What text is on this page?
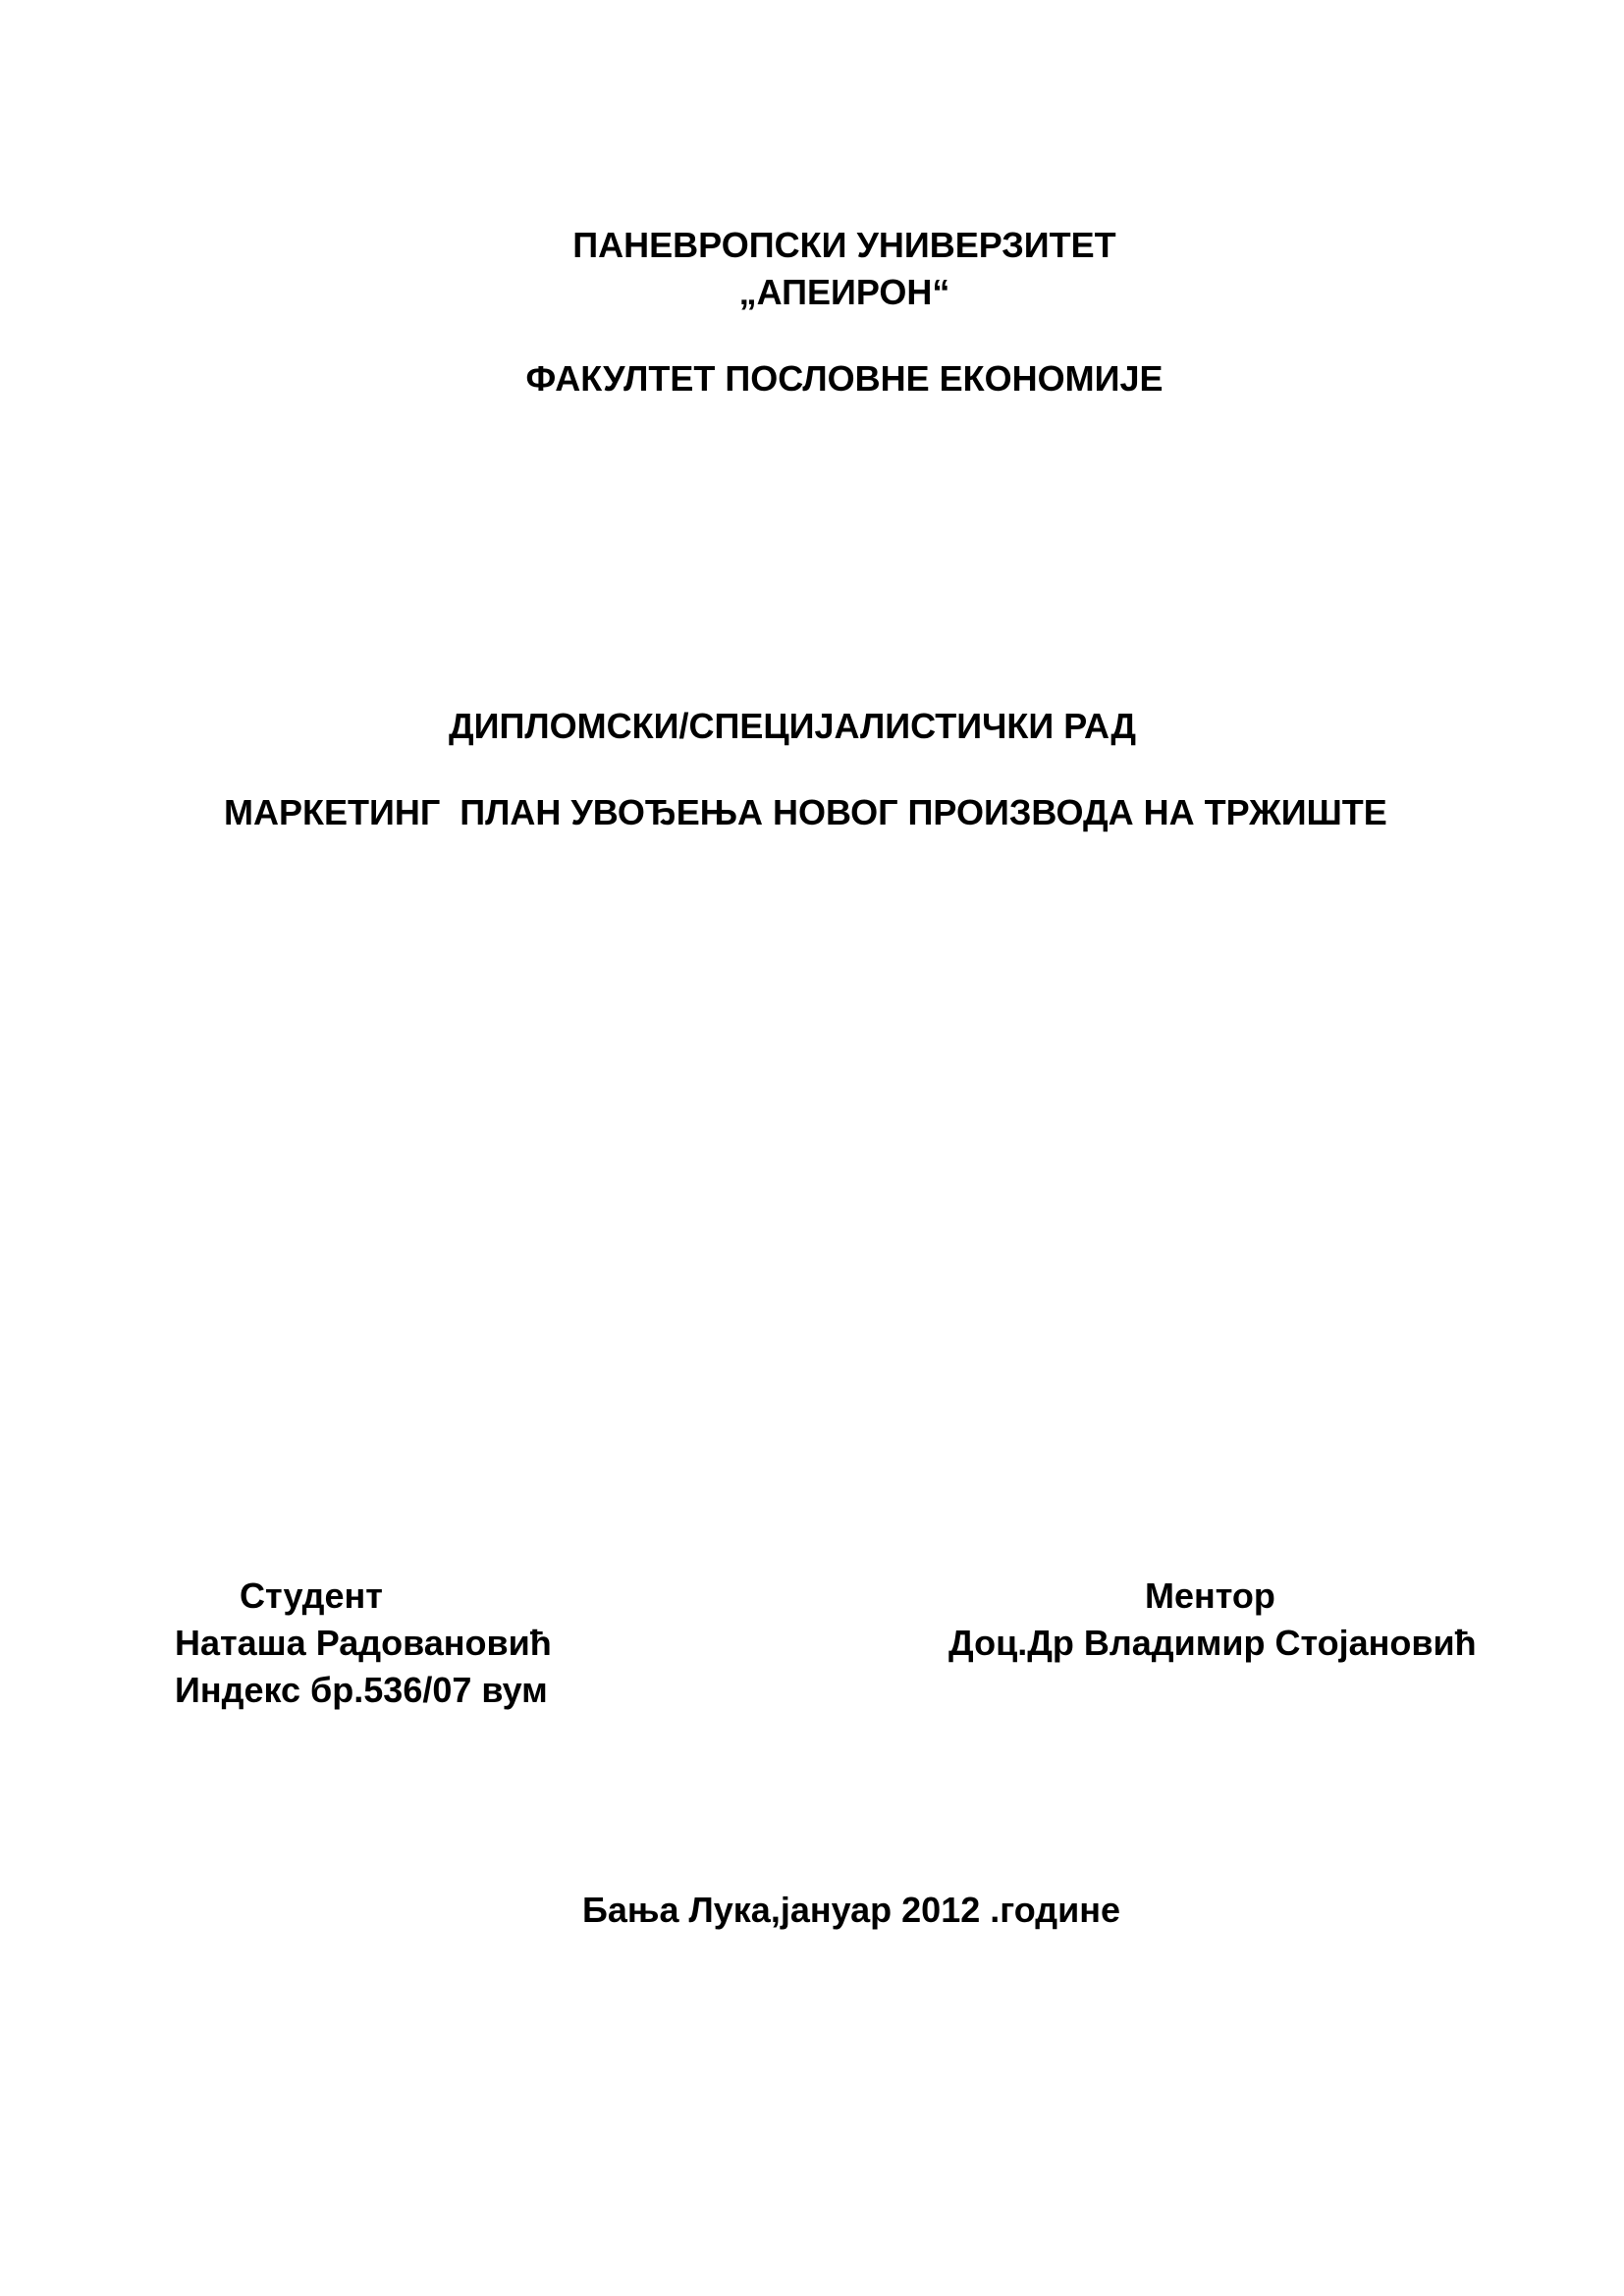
ПАНЕВРОПСКИ УНИВЕРЗИТЕТ
„АПЕИРОН“
ФАКУЛТЕТ ПОСЛОВНЕ ЕКОНОМИЈЕ
ДИПЛОМСКИ/СПЕЦИЈАЛИСТИЧКИ РАД
МАРКЕТИНГ  ПЛАН УВОЂЕЊА НОВОГ ПРОИЗВОДА НА ТРЖИШТЕ
Студент
Наташа Радовановић
Индекс бр.536/07 вум
Ментор
Доц.Др Владимир Стојановић
Бања Лука,јануар 2012 .године
